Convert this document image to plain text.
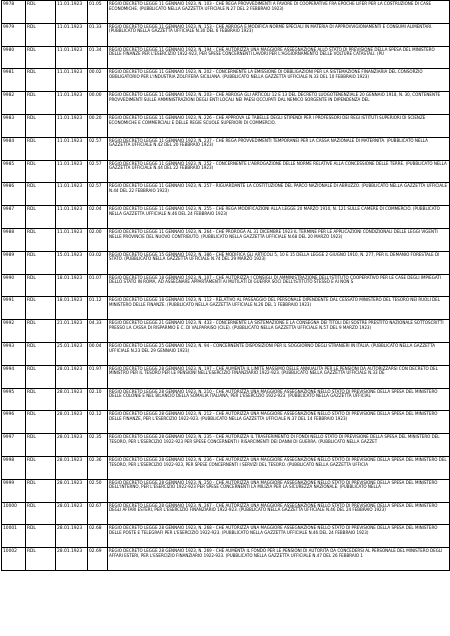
9978	RDL	11.01.1923	01.05	REGIO DECRETO LEGGE 11 GENNAIO 1923, N. 103 - CHE REGA PROVVEDIMENTI A FAVORE DI COOPERATIVE FRA EPOCHE LIFER PER LA COSTRUZIONE DI CASE ECONOMICHE. (PUBBLICATO NELLA GAZZETTA UFFICIALE N.27 DEL 2 FEBBRAIO 1923)
9979	RDL	11.01.1923	01.33	REGIO DECRETO LEGGE 11 GENNAIO 1923, N. 153 - CHE ABROGA E MODIFICA NORME SPECIALI IN MATERIA DI APPROVVIGIONAMENTI E CONSUMI ALIMENTARI. (PUBBLICATO NELLA GAZZETTA UFFICIALE N.30 DEL 6 FEBBRAIO 1923)
9980	RDL	11.01.1923	01.34	REGIO DECRETO LEGGE 11 GENNAIO 1923, N. 194 - CHE AUTORIZZA UNA MAGGIORE ASSEGNAZIONE ALLO STATO DI PREVISIONE DELLA SPESA DEL MINISTERO DELLE FINANZE PER L'ESERCIZIO 1922-923, PER SPESE CONCERNENTI LAVORI PER L'AGGIORNAMENTO DELLE VOLTURE CATASTALI. (PU
9981	RDL	11.01.1923	00.02	REGIO DECRETO LEGGE 11 GENNAIO 1923, N. 202 - CONCERNENTE LA EMISSIONE DI OBBLIGAZIONI PER LA SISTEMAZIONE FINANZIARIA DEL CONSORZIO OBBLIGATORIO PER L'INDUSTRIA ZOLFIFERA SICILIANA. (PUBBLICATO NELLA GAZZETTA UFFICIALE N.33 DEL 10 FEBBRAIO 1923)
9982	RDL	11.01.1923	00.00	REGIO DECRETO LEGGE 11 GENNAIO 1923, N. 203 - CHE ABROGA GLI ARTICOLI 12 E 13 DEL DECRETO LUOGOTENENZIALE 20 GENNAIO 1918, N. 30, CONTENENTE PROVVEDIMENTI SULLE AMMINISTRAZIONI DEGLI ENTI LOCALI NEI PAESI OCCUPATI DAL NEMICO SORGENTE IN DIPENDENZA DEL
9983	RDL	11.01.1923	00.20	REGIO DECRETO LEGGE 11 GENNAIO 1923, N. 226 - CHE APPROVA LE TABELLE DEGLI STIPENDI PER I PROFESSORI DEI REGI ISTITUTI SUPERIORI DI SCIENZE ECONOMICHE E COMMERCIALI E DELLE REGIE SCUOLE SUPERIORI DI COMMERCIO.
9984	RDL	11.01.1923	02.57	REGIO DECRETO LEGGE 11 GENNAIO 1923, N. 237 - CHE REGA PROVVEDIMENTI TEMPORANEI PER LA CASSA NAZIONALE DI MATERNITA. (PUBBLICATO NELLA GAZZETTA UFFICIALE N.42 DEL 20 FEBBRAIO 1923)
9985	RDL	11.01.1923	02.57	REGIO DECRETO LEGGE 11 GENNAIO 1923, N. 252 - CONCERNENTE L'ABROGAZIONE DELLE NORME RELATIVE ALLA CONCESSIONE DELLE TERRE. (PUBBLICATO NELLA GAZZETTA UFFICIALE N.44 DEL 22 FEBBRAIO 1923)
9986	RDL	11.01.1923	02.57	REGIO DECRETO LEGGE 11 GENNAIO 1923, N. 257 - RIGUARDANTE LA COSTITUZIONE DEL PARCO NAZIONALE DI ABRUZZO. (PUBBLICATO NELLA GAZZETTA UFFICIALE N.44 DEL 22 FEBBRAIO 1923)
9987	RDL	11.01.1923	02.04	REGIO DECRETO LEGGE 11 GENNAIO 1923, N. 255 - CHE REGA MODIFICAZIONI ALLA LEGGE 20 MARZO 1910, N. 121 SULLE CAMERE DI COMMERCIO. (PUBBLICATO NELLA GAZZETTA UFFICIALE N.46 DEL 24 FEBBRAIO 1923)
9988	RDL	11.01.1923	02.00	REGIO DECRETO LEGGE 11 GENNAIO 1923, N. 264 - CHE PROROGA AL 31 DICEMBRE 1923 IL TERMINE PER LE APPLICAZIONI CONDIZIONALI DELLE LEGGI VIGENTI NELLE PROVINCIE DEL NUOVO CONTRIBUTO. (PUBBLICATO NELLA GAZZETTA UFFICIALE N.68 DEL 20 MARZO 1923)
9989	RDL	15.01.1923	03.02	REGIO DECRETO LEGGE 15 GENNAIO 1923, N. 386 - CHE MODIFICA GLI ARTICOLI 5, 10 E 15 DELLA LEGGE 2 GIUGNO 1910, N. 277, PER IL DEMANIO FORESTALE DI STATO. (PUBBLICATO NELLA GAZZETTA UFFICIALE N.74 DEL 29 MARZO 1923)
9990	RDL	18.01.1923	01.07	REGIO DECRETO LEGGE 18 GENNAIO 1923, N. 107 - CHE AUTORIZZA I CONSIGLI DI AMMINISTRAZIONE DELL'ISTITUTO COOPERATIVO PER LE CASE DEGLI IMPIEGATI DELLO STATO IN ROMA, AD ASSEGNARE APPARTAMENTI AI MUTILATI DI GUERRA SOCI DELL'ISTITUTO STESSO E AI NON S
9991	RDL	18.01.1923	01.12	REGIO DECRETO LEGGE 18 GENNAIO 1923, N. 112 - RELATIVO AL PASSAGGIO DEL PERSONALE DIPENDENTE DAL CESSATO MINISTERO DEL TESORO NEI RUOLI DEL MINISTERO DELLE FINANZE. (PUBBLICATO NELLA GAZZETTA UFFICIALE N.26 DEL 1 FEBBRAIO 1923)
9992	RDL	21.01.1923	04.33	REGIO DECRETO LEGGE 21 GENNAIO 1923, N. 433 - CONCERNENTE LA SISTEMAZIONE E LA CONSEGNA DEI TITOLI DEI SOSTRE PRESTITO NAZIONALE SOTTOSCRITTI PRESSO LA CASSA DI RISPARMIO E C. DI VALPARAISO (CILE). (PUBBLICATO NELLA GAZZETTA UFFICIALE N.57 DEL 9 MARZO 1923)
9993	RDL	25.01.1923	00.04	REGIO DECRETO LEGGE 25 GENNAIO 1923, N. 94 - CONCERNENTE DISPOSIZIONI PER IL SOGGIORNO DEGLI STRANIERI IN ITALIA. (PUBBLICATO NELLA GAZZETTA UFFICIALE N.23 DEL 29 GENNAIO 1923)
9994	RDL	28.01.1923	01.97	REGIO DECRETO LEGGE 28 GENNAIO 1923, N. 197 - CHE AUMENTA IL LIMITE MASSIMO DELLE ANNUALITA PER LE PENSIONI DA AUTORIZZARSI CON DECRETO DEL MINISTRO PER IL TESORO PER LE PENSIONI NELL'ESERCIZIO FINANZIARIO 1922-923. (PUBBLICATO NELLA GAZZETTA UFFICIALE N.33 DE
9995	RDL	28.01.1923	02.10	REGIO DECRETO LEGGE 28 GENNAIO 1923, N. 210 - CHE AUTORIZZA UNA MAGGIORE ASSEGNAZIONE NELLO STATO DI PREVISIONE DELLA SPESA DEL MINISTERO DELLE COLONIE E NEL BILANCIO DELLA SOMALIA ITALIANA, PER L'ESERCIZIO 1922-923. (PUBBLICATO NELLA GAZZETTA UFFICIAL
9996	RDL	28.01.1923	02.12	REGIO DECRETO LEGGE 28 GENNAIO 1923, N. 212 - CHE AUTORIZZA UNA MAGGIORE ASSEGNAZIONE NELLO STATO DI PREVISIONE DELLA SPESA DEL MINISTERO DELLE FINANZE, PER L'ESERCIZIO 1922-923. (PUBBLICATO NELLA GAZZETTA UFFICIALE N.37 DEL 14 FEBBRAIO 1923)
9997	RDL	28.01.1923	02.35	REGIO DECRETO LEGGE 28 GENNAIO 1923, N. 235 - CHE AUTORIZZA IL TRASFERIMENTO DI FONDI NELLO STATO DI PREVISIONE DELLA SPESA DEL MINISTERO DEL TESORO, PER L'ESERCIZIO 1922-923 PER SPESE CONCERNENTI I RISARCIMENTI DEI DANNI DI GUERRA. (PUBBLICATO NELLA GAZZET
9998	RDL	28.01.1923	02.36	REGIO DECRETO LEGGE 28 GENNAIO 1923, N. 236 - CHE AUTORIZZA UNA MAGGIORE ASSEGNAZIONE NELLO STATO DI PREVISIONE DELLA SPESA DEL MINISTERO DEL TESORO, PER L'ESERCIZIO 1922-923, PER SPESE CONCERNENTI I SERVIZI DEL TESORO. (PUBBLICATO NELLA GAZZETTA UFFICIA
9999	RDL	28.01.1923	02.50	REGIO DECRETO LEGGE 28 GENNAIO 1923, N. 250 - CHE AUTORIZZA UNA MAGGIORE ASSEGNAZIONE NELLO STATO DI PREVISIONE DELLA SPESA DEL MINISTERO DELL'INTERNO, PER L'ESERCIZIO 1922-923 PER SPESE CONCERNENTI LA MILIZIA PER LA SICUREZZA NAZIONALE. (PUBBLICATO NELLA
10000	RDL	28.01.1923	02.67	REGIO DECRETO LEGGE 28 GENNAIO 1923, N. 267 - CHE AUTORIZZA UNA MAGGIORE ASSEGNAZIONE NELLO STATO DI PREVISIONE DELLA SPESA DEL MINISTERO DEGLI AFFARI ESTERI, PER L'ESERCIZIO FINANZIARIO 1922-923. (PUBBLICATO NELLA GAZZETTA UFFICIALE N.46 DEL 24 FEBBRAIO 1923)
10001	RDL	28.01.1923	02.68	REGIO DECRETO LEGGE 28 GENNAIO 1923, N. 268 - CHE AUTORIZZA UNA MAGGIORE ASSEGNAZIONE NELLO STATO DI PREVISIONE DELLA SPESA DEL MINISTERO DELLE POSTE E TELEGRAFI PER L'ESERCIZIO 1922-923. (PUBBLICATO NELLA GAZZETTA UFFICIALE N.46 DEL 24 FEBBRAIO 1923)
10002	RDL	28.01.1923	02.69	REGIO DECRETO LEGGE 28 GENNAIO 1923, N. 269 - CHE AUMENTA IL FONDO PER LE PENSIONI DI AUTORITA DA CONCEDERSI AL PERSONALE DEL MINISTERO DEGLI AFFARI ESTERI, PER L'ESERCIZIO FINANZIARIO 1922-923. (PUBBLICATO NELLA GAZZETTA UFFICIALE N.47 DEL 26 FEBBRAIO 1
